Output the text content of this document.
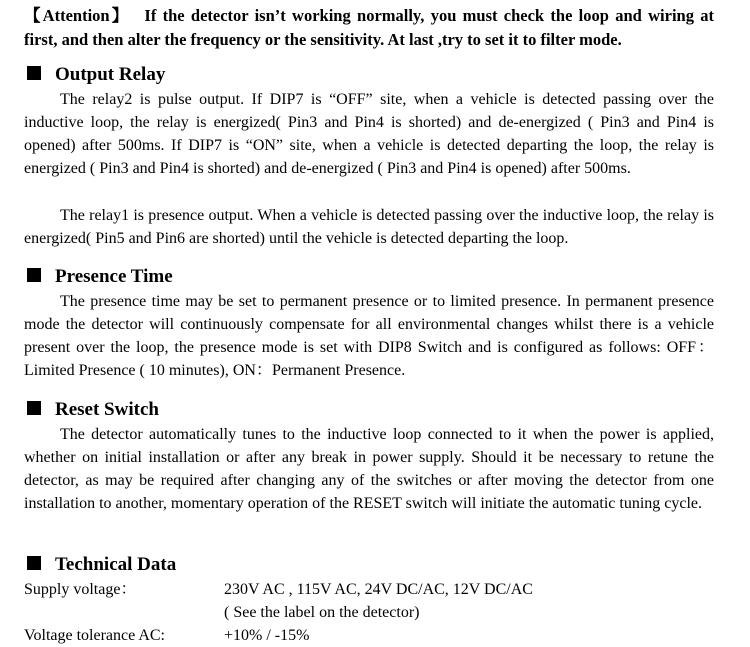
【Attention】 If the detector isn’t working normally, you must check the loop and wiring at first, and then alter the frequency or the sensitivity. At last ,try to set it to filter mode.
Output Relay
The relay2 is pulse output. If DIP7 is “OFF” site, when a vehicle is detected passing over the inductive loop, the relay is energized( Pin3 and Pin4 is shorted) and de-energized ( Pin3 and Pin4 is opened) after 500ms. If DIP7 is “ON” site, when a vehicle is detected departing the loop, the relay is energized ( Pin3 and Pin4 is shorted) and de-energized ( Pin3 and Pin4 is opened) after 500ms.
The relay1 is presence output. When a vehicle is detected passing over the inductive loop, the relay is energized( Pin5 and Pin6 are shorted) until the vehicle is detected departing the loop.
Presence Time
The presence time may be set to permanent presence or to limited presence. In permanent presence mode the detector will continuously compensate for all environmental changes whilst there is a vehicle present over the loop, the presence mode is set with DIP8 Switch and is configured as follows: OFF：Limited Presence ( 10 minutes), ON：Permanent Presence.
Reset Switch
The detector automatically tunes to the inductive loop connected to it when the power is applied, whether on initial installation or after any break in power supply. Should it be necessary to retune the detector, as may be required after changing any of the switches or after moving the detector from one installation to another, momentary operation of the RESET switch will initiate the automatic tuning cycle.
Technical Data
Supply voltage：	230V AC , 115V AC, 24V DC/AC, 12V DC/AC
( See the label on the detector)
Voltage tolerance AC:	+10% / -15%
